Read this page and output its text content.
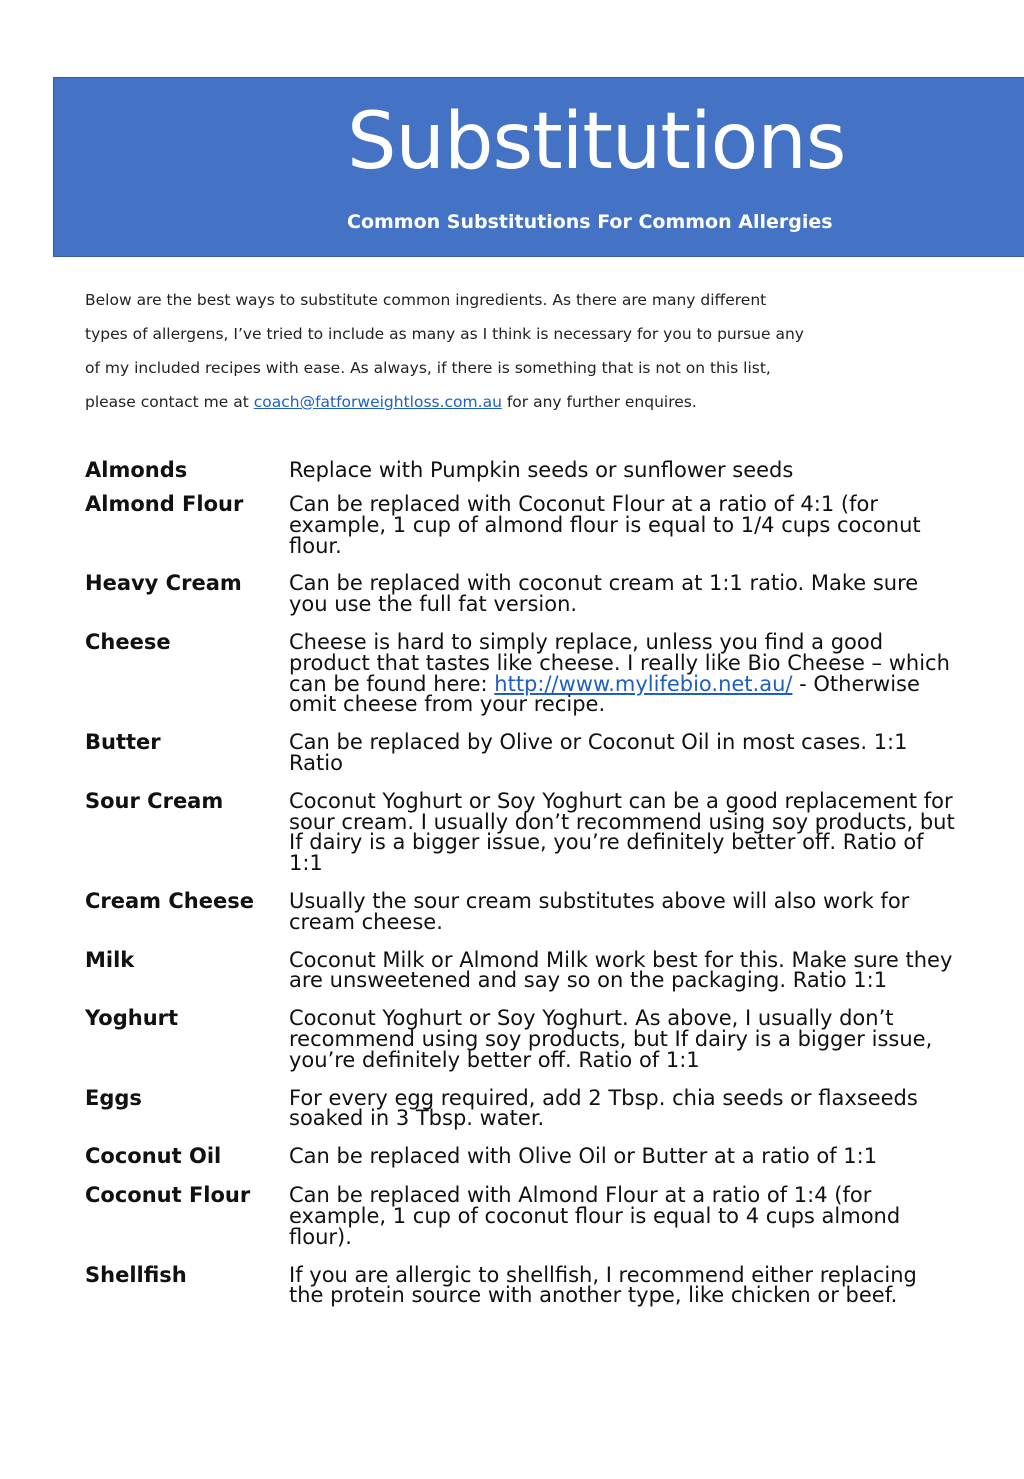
Substitutions
Common Substitutions For Common Allergies
Below are the best ways to substitute common ingredients. As there are many different
types of allergens, I’ve tried to include as many as I think is necessary for you to pursue any
of my included recipes with ease. As always, if there is something that is not on this list,
please contact me at coach@fatforweightloss.com.au for any further enquires.
Almonds	Replace with Pumpkin seeds or sunflower seeds
Almond Flour	Can be replaced with Coconut Flour at a ratio of 4:1 (for example, 1 cup of almond flour is equal to 1/4 cups coconut flour.
Heavy Cream	Can be replaced with coconut cream at 1:1 ratio. Make sure you use the full fat version.
Cheese	Cheese is hard to simply replace, unless you find a good product that tastes like cheese. I really like Bio Cheese – which can be found here: http://www.mylifebio.net.au/ - Otherwise omit cheese from your recipe.
Butter	Can be replaced by Olive or Coconut Oil in most cases. 1:1 Ratio
Sour Cream	Coconut Yoghurt or Soy Yoghurt can be a good replacement for sour cream. I usually don’t recommend using soy products, but If dairy is a bigger issue, you’re definitely better off. Ratio of 1:1
Cream Cheese	Usually the sour cream substitutes above will also work for cream cheese.
Milk	Coconut Milk or Almond Milk work best for this. Make sure they are unsweetened and say so on the packaging. Ratio 1:1
Yoghurt	Coconut Yoghurt or Soy Yoghurt. As above, I usually don’t recommend using soy products, but If dairy is a bigger issue, you’re definitely better off. Ratio of 1:1
Eggs	For every egg required, add 2 Tbsp. chia seeds or flaxseeds soaked in 3 Tbsp. water.
Coconut Oil	Can be replaced with Olive Oil or Butter at a ratio of 1:1
Coconut Flour	Can be replaced with Almond Flour at a ratio of 1:4 (for example, 1 cup of coconut flour is equal to 4 cups almond flour).
Shellfish	If you are allergic to shellfish, I recommend either replacing the protein source with another type, like chicken or beef.
